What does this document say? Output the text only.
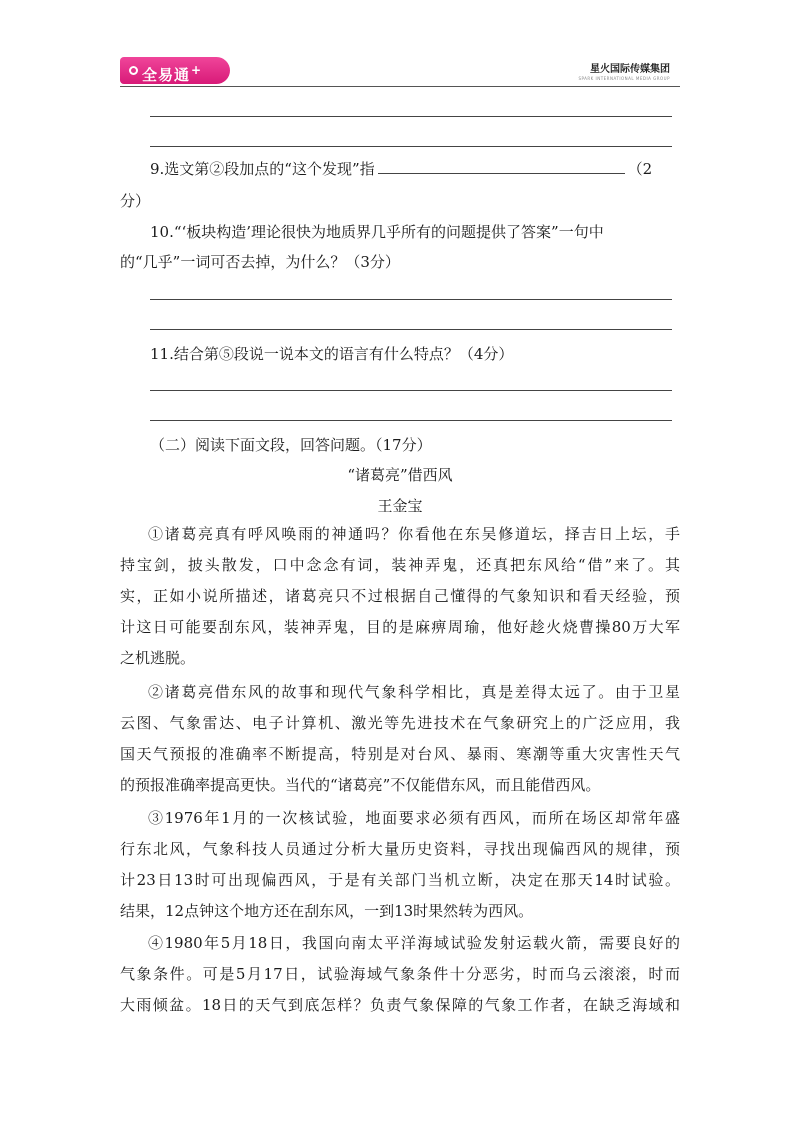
全易通+	星火国际传媒集团
SPARK INTERNATIONAL MEDIA GROUP
9.选文第②段加点的“这个发现”指	（2
分）
10.“‘板块构造’理论很快为地质界几乎所有的问题提供了答案”一句中
的“几乎”一词可否去掉，为什么？（3分）
11.结合第⑤段说一说本文的语言有什么特点？（4分）
（二）阅读下面文段，回答问题。（17分）
“诸葛亮”借西风
王金宝
①诸葛亮真有呼风唤雨的神通吗？你看他在东吴修道坛，择吉日上坛，手
持宝剑，披头散发，口中念念有词，装神弄鬼，还真把东风给“借”来了。其
实，正如小说所描述，诸葛亮只不过根据自己懂得的气象知识和看天经验，预
计这日可能要刮东风，装神弄鬼，目的是麻痹周瑜，他好趁火烧曹操80万大军
之机逃脱。
②诸葛亮借东风的故事和现代气象科学相比，真是差得太远了。由于卫星
云图、气象雷达、电子计算机、激光等先进技术在气象研究上的广泛应用，我
国天气预报的准确率不断提高，特别是对台风、暴雨、寒潮等重大灾害性天气
的预报准确率提高更快。当代的“诸葛亮”不仅能借东风，而且能借西风。
③1976年1月的一次核试验，地面要求必须有西风，而所在场区却常年盛
行东北风，气象科技人员通过分析大量历史资料，寻找出现偏西风的规律，预
计23日13时可出现偏西风，于是有关部门当机立断，决定在那天14时试验。
结果，12点钟这个地方还在刮东风，一到13时果然转为西风。
④1980年5月18日，我国向南太平洋海域试验发射运载火箭，需要良好的
气象条件。可是5月17日，试验海域气象条件十分恶劣，时而乌云滚滚，时而
大雨倾盆。18日的天气到底怎样？负责气象保障的气象工作者，在缺乏海域和
